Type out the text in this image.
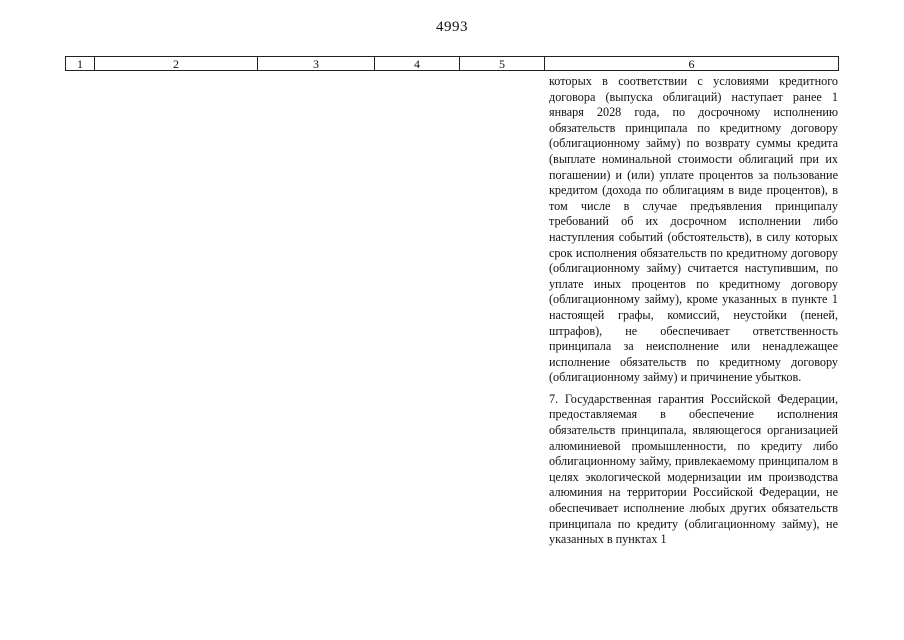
4993
1	2	3	4	5	6

которых в соответствии с условиями кредитного договора (выпуска облигаций) наступает ранее 1 января 2028 года, по досрочному исполнению обязательств принципала по кредитному договору (облигационному займу) по возврату суммы кредита (выплате номинальной стоимости облигаций при их погашении) и (или) уплате процентов за пользование кредитом (дохода по облигациям в виде процентов), в том числе в случае предъявления принципалу требований об их досрочном исполнении либо наступления событий (обстоятельств), в силу которых срок исполнения обязательств по кредитному договору (облигационному займу) считается наступившим, по уплате иных процентов по кредитному договору (облигационному займу), кроме указанных в пункте 1 настоящей графы, комиссий, неустойки (пеней, штрафов), не обеспечивает ответственность принципала за неисполнение или ненадлежащее исполнение обязательств по кредитному договору (облигационному займу) и причинение убытков.

7. Государственная гарантия Российской Федерации, предоставляемая в обеспечение исполнения обязательств принципала, являющегося организацией алюминиевой промышленности, по кредиту либо облигационному займу, привлекаемому принципалом в целях экологической модернизации им производства алюминия на территории Российской Федерации, не обеспечивает исполнение любых других обязательств принципала по кредиту (облигационному займу), не указанных в пунктах 1
